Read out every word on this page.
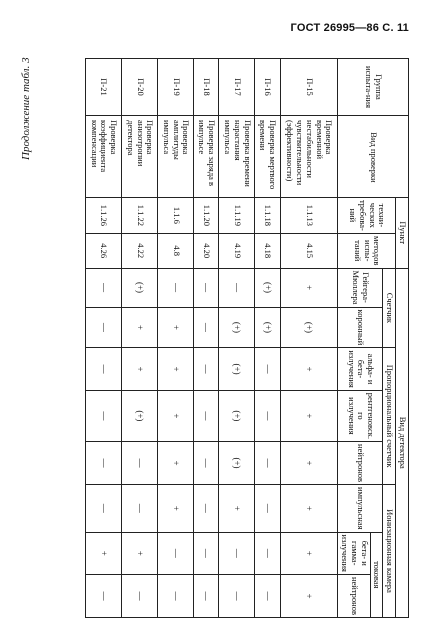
ГОСТ 26995—86 С. 11
Продолжение табл. 3	Группа испыта-ния	Вид проверки	Пункт		Вид детектора							
		техни-ческих требова-ний	методов испы-таний	Счетчик		Пропорциональный счетчик			Ионизационная камера		
				Гейгера-Мюллера	коронный	альфа- и бета-излучения	рентгеновск. го излучения	нейтронов	импульсная	токовая	
										бета- и гамма-излучения	нейтронов
П-15	Проверка временной нестабильности чувствительности (эффективности)	1.1.13	4.15	+	(+)	+	+	+	+	+	+
П-16	Проверка мертвого времени	1.1.18	4.18	(+)	(+)	—	—	—	—	—	—
П-17	Проверка времени нарастания импульса	1.1.19	4.19	—	(+)	(+)	(+)	(+)	+	—	—
П-18	Проверка заряда в импульсе	1.1.20	4.20	—	—	—	—	—	—	—	—
П-19	Проверка амплитуды импульса	1.1.6	4.8	—	+	+	+	+	+	—	—
П-20	Проверка анизотропии детектора	1.1.22	4.22	(+)	+	+	(+)	—	—	+	—
П-21	Проверка коэффициента компенсации	1.1.26	4.26	—	—	—	—	—	—	+	—
